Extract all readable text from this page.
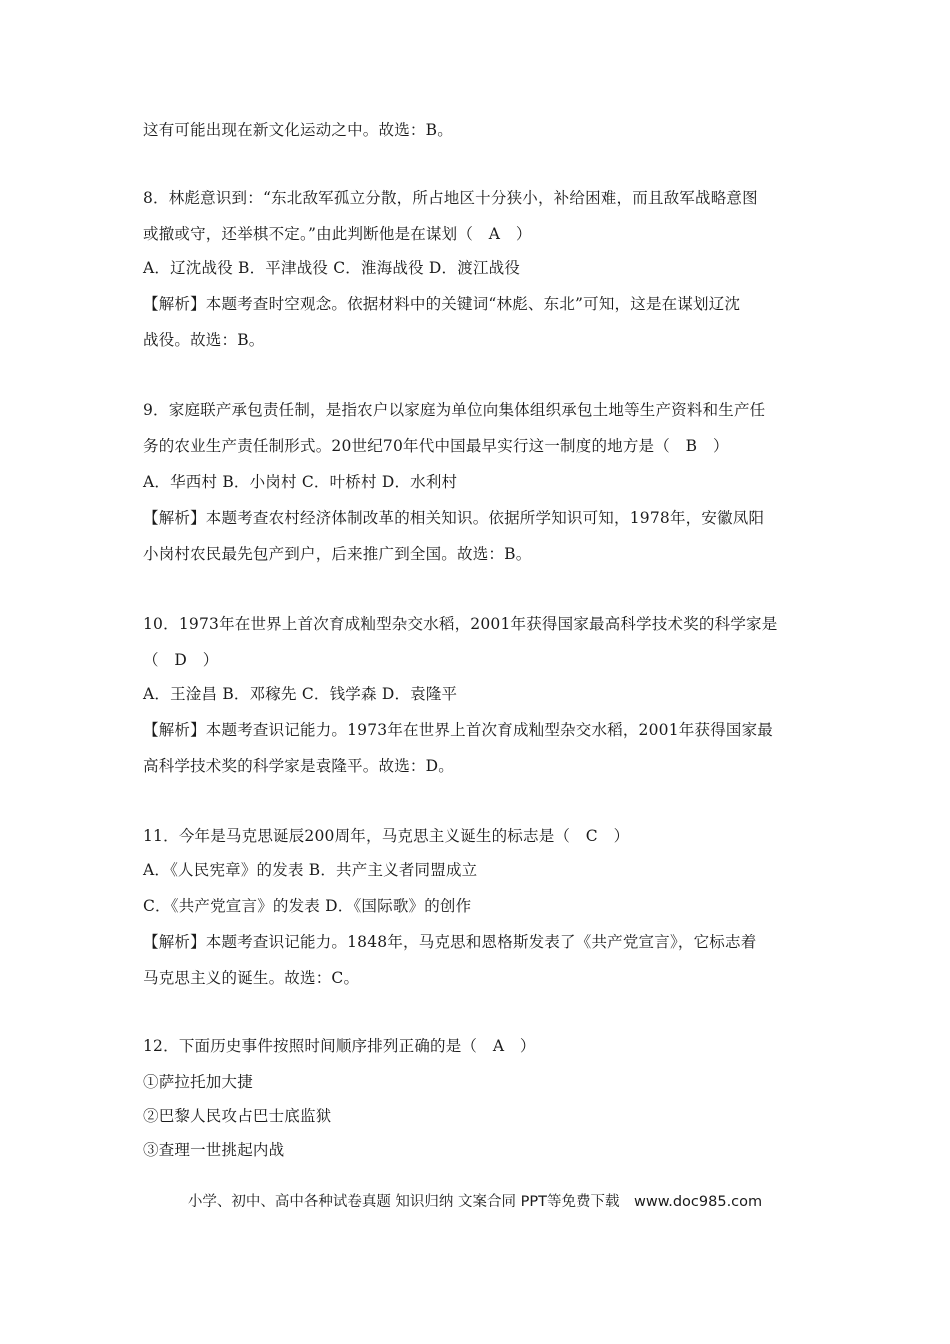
这有可能出现在新文化运动之中。故选：B。
8．林彪意识到：“东北敌军孤立分散，所占地区十分狭小，补给困难，而且敌军战略意图
或撤或守，还举棋不定。”由此判断他是在谋划（　A　）
A．辽沈战役 B．平津战役 C．淮海战役 D．渡江战役
【解析】本题考查时空观念。依据材料中的关键词“林彪、东北”可知，这是在谋划辽沈
战役。故选：B。
9．家庭联产承包责任制，是指农户以家庭为单位向集体组织承包土地等生产资料和生产任
务的农业生产责任制形式。20世纪70年代中国最早实行这一制度的地方是（　B　）
A．华西村 B．小岗村 C．叶桥村 D．水利村
【解析】本题考查农村经济体制改革的相关知识。依据所学知识可知，1978年，安徽凤阳
小岗村农民最先包产到户，后来推广到全国。故选：B。
10．1973年在世界上首次育成籼型杂交水稻，2001年获得国家最高科学技术奖的科学家是
（　D　）
A．王淦昌 B．邓稼先 C．钱学森 D．袁隆平
【解析】本题考查识记能力。1973年在世界上首次育成籼型杂交水稻，2001年获得国家最
高科学技术奖的科学家是袁隆平。故选：D。
11．今年是马克思诞辰200周年，马克思主义诞生的标志是（　C　）
A．《人民宪章》的发表 B．共产主义者同盟成立
C．《共产党宣言》的发表 D．《国际歌》的创作
【解析】本题考查识记能力。1848年，马克思和恩格斯发表了《共产党宣言》，它标志着
马克思主义的诞生。故选：C。
12．下面历史事件按照时间顺序排列正确的是（　A　）
①萨拉托加大捷
②巴黎人民攻占巴士底监狱
③查理一世挑起内战
小学、初中、高中各种试卷真题 知识归纳 文案合同 PPT等免费下载　www.doc985.com
